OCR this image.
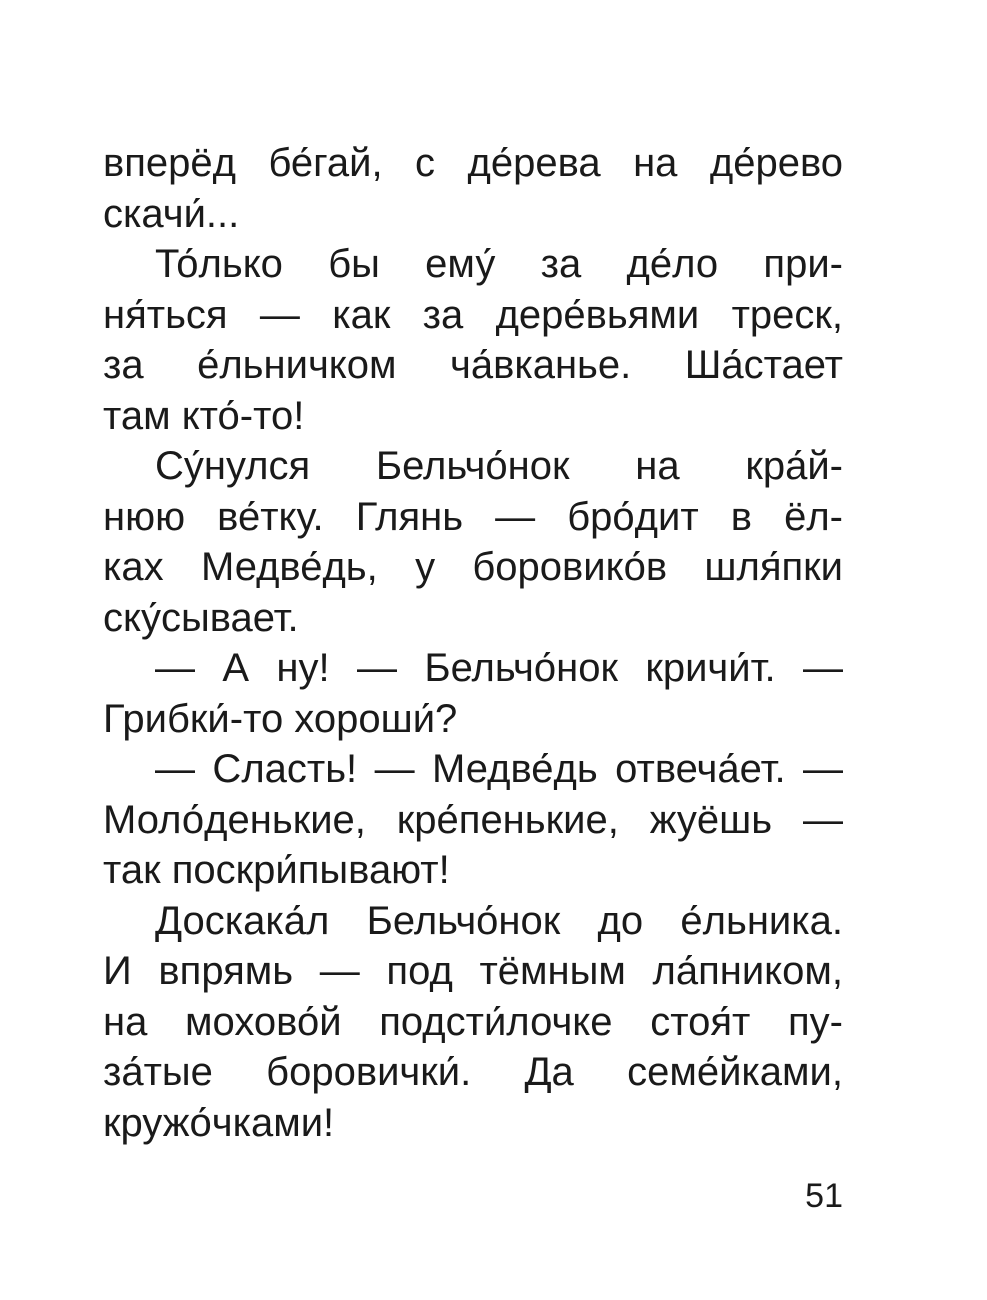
вперёд бе́гай, с де́рева на де́рево
скачи́...
То́лько бы ему́ за де́ло при-
ня́ться — как за дере́вьями треск,
за е́льничком ча́вканье. Ша́стает
там кто́-то!
Су́нулся Бельчо́нок на кра́й-
нюю ве́тку. Глянь — бро́дит в ёл-
ках Медве́дь, у боровико́в шля́пки
ску́сывает.
— А ну! — Бельчо́нок кричи́т. —
Грибки́-то хороши́?
— Сласть! — Медве́дь отвеча́ет. —
Моло́денькие, кре́пенькие, жуёшь —
так поскри́пывают!
Доскака́л Бельчо́нок до е́льника.
И впрямь — под тёмным ла́пником,
на мохово́й подсти́лочке стоя́т пу-
за́тые боровички́. Да семе́йками,
кружо́чками!
51
